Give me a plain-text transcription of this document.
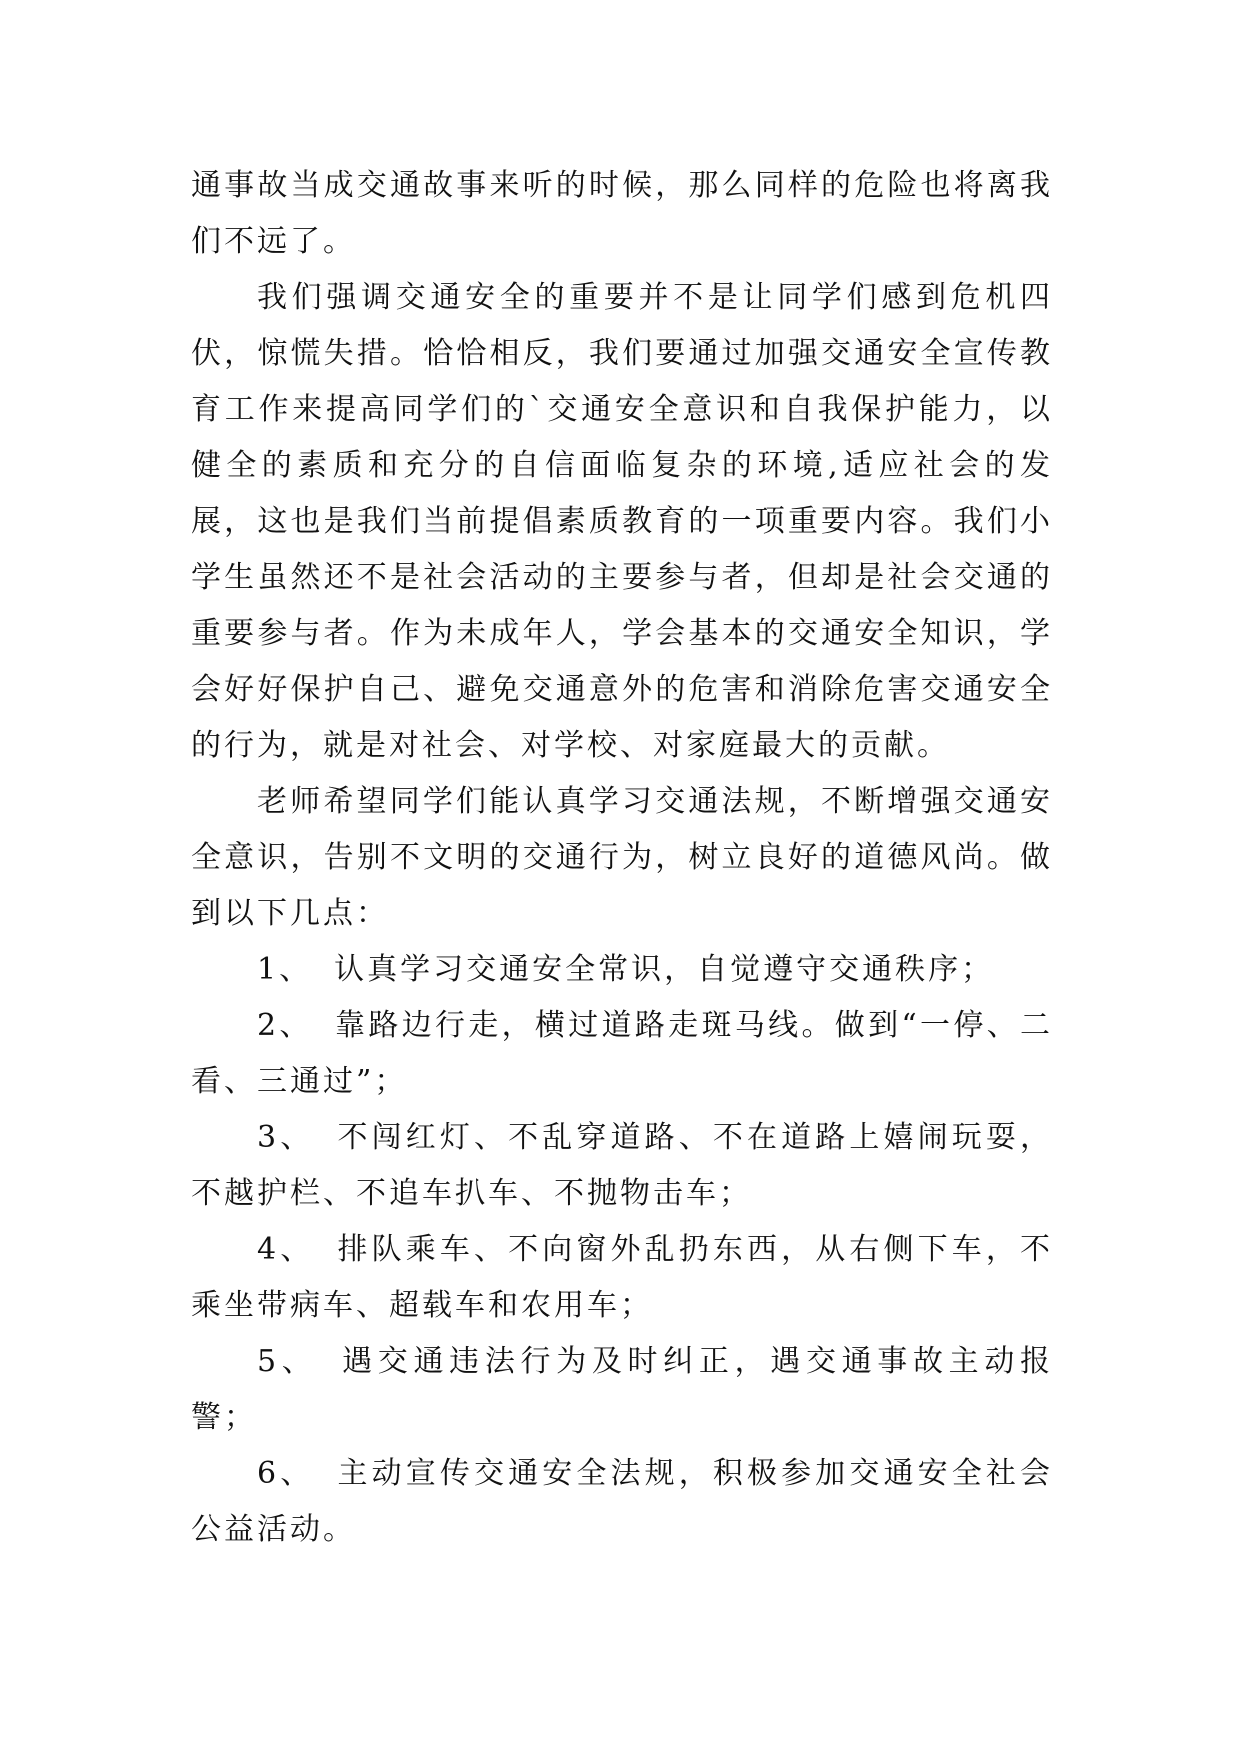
通事故当成交通故事来听的时候，那么同样的危险也将离我们不远了。

我们强调交通安全的重要并不是让同学们感到危机四伏，惊慌失措。恰恰相反，我们要通过加强交通安全宣传教育工作来提高同学们的`交通安全意识和自我保护能力，以健全的素质和充分的自信面临复杂的环境,适应社会的发展，这也是我们当前提倡素质教育的一项重要内容。我们小学生虽然还不是社会活动的主要参与者，但却是社会交通的重要参与者。作为未成年人，学会基本的交通安全知识，学会好好保护自己、避免交通意外的危害和消除危害交通安全的行为，就是对社会、对学校、对家庭最大的贡献。

老师希望同学们能认真学习交通法规，不断增强交通安全意识，告别不文明的交通行为，树立良好的道德风尚。做到以下几点：

1、 认真学习交通安全常识，自觉遵守交通秩序；

2、 靠路边行走，横过道路走斑马线。做到“一停、二看、三通过”；

3、 不闯红灯、不乱穿道路、不在道路上嬉闹玩耍，不越护栏、不追车扒车、不抛物击车；

4、 排队乘车、不向窗外乱扔东西，从右侧下车，不乘坐带病车、超载车和农用车；

5、 遇交通违法行为及时纠正，遇交通事故主动报警；

6、 主动宣传交通安全法规，积极参加交通安全社会公益活动。
